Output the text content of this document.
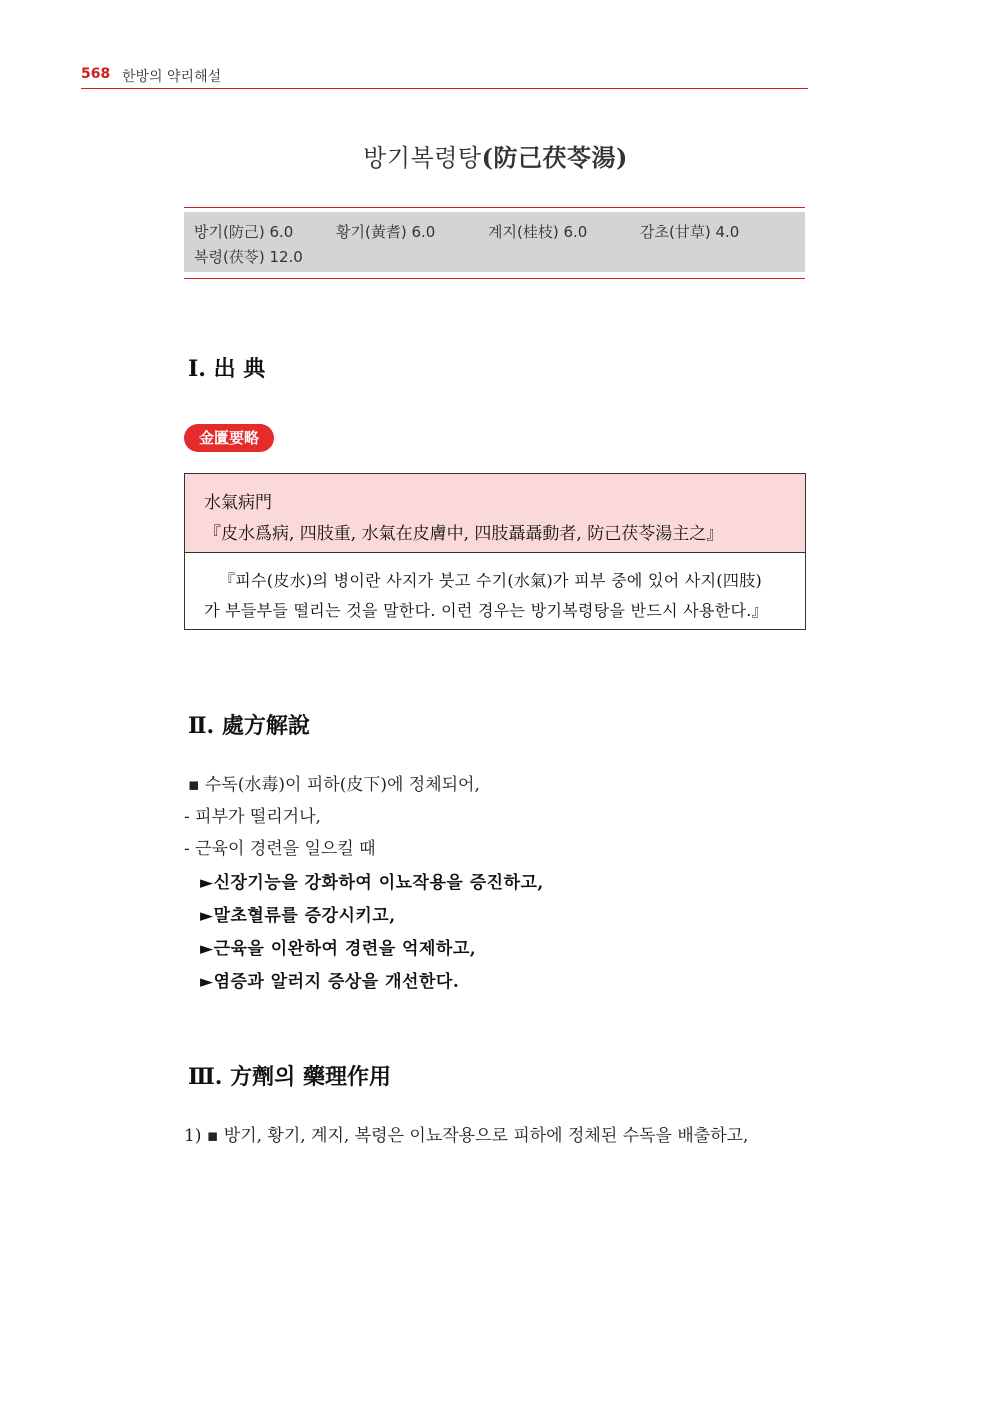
568 한방의 약리해설
방기복령탕(防己茯苓湯)
방기(防己) 6.0	황기(黃耆) 6.0	계지(桂枝) 6.0	감초(甘草) 4.0
복령(茯苓) 12.0
Ⅰ. 出 典
金匱要略
水氣病門
『皮水爲病, 四肢重, 水氣在皮膚中, 四肢聶聶動者, 防己茯苓湯主之』
『피수(皮水)의 병이란 사지가 붓고 수기(水氣)가 피부 중에 있어 사지(四肢)
가 부들부들 떨리는 것을 말한다. 이런 경우는 방기복령탕을 반드시 사용한다.』
Ⅱ. 處方解說
▪ 수독(水毒)이 피하(皮下)에 정체되어,
- 피부가 떨리거나,
- 근육이 경련을 일으킬 때
►신장기능을 강화하여 이뇨작용을 증진하고,
►말초혈류를 증강시키고,
►근육을 이완하여 경련을 억제하고,
►염증과 알러지 증상을 개선한다.
Ⅲ. 方劑의 藥理作用
1) ▪ 방기, 황기, 계지, 복령은 이뇨작용으로 피하에 정체된 수독을 배출하고,
